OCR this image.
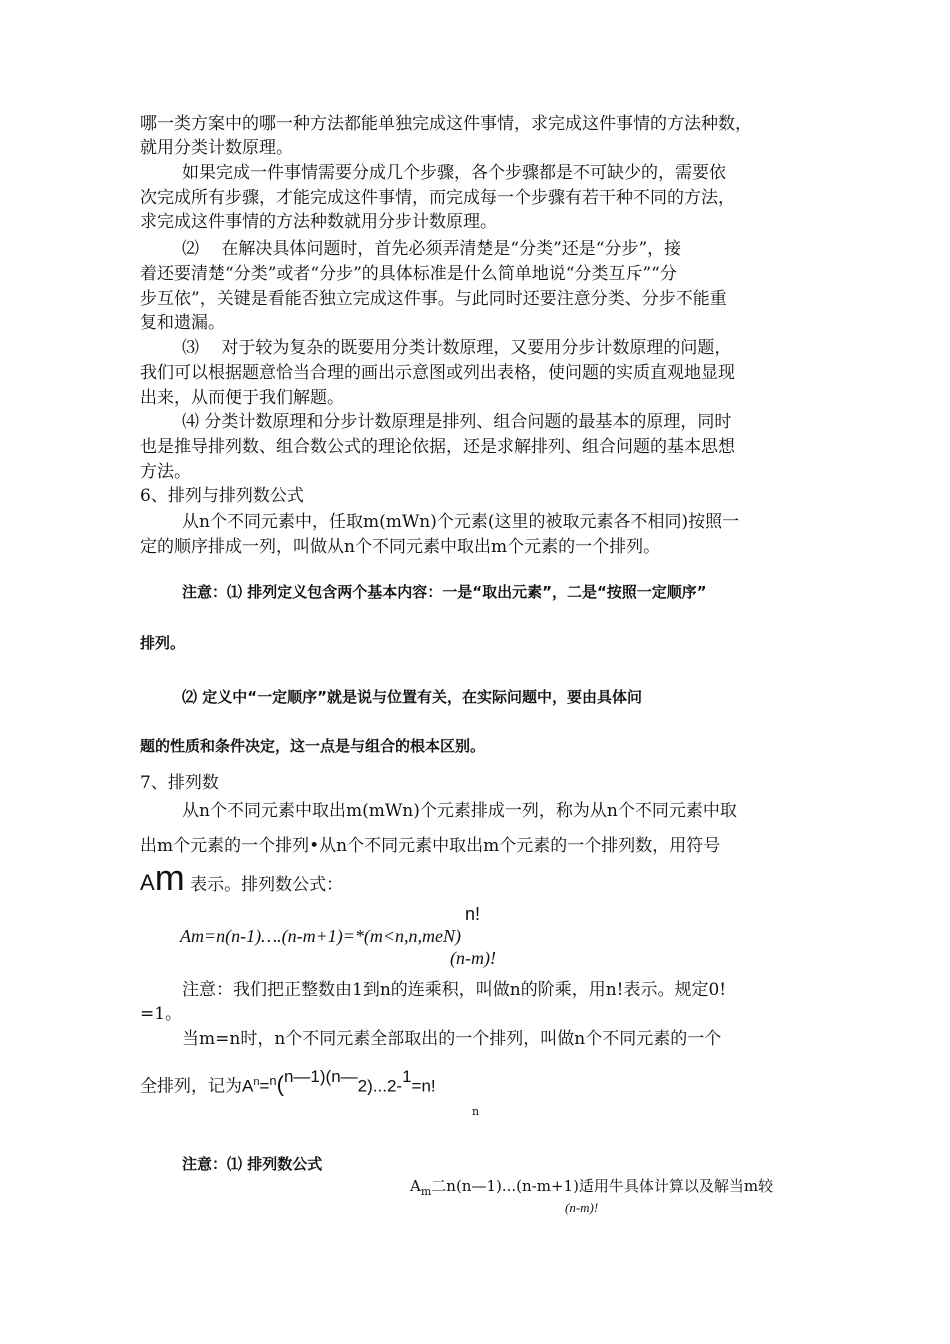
哪一类方案中的哪一种方法都能单独完成这件事情，求完成这件事情的方法种数，
就用分类计数原理。
如果完成一件事情需要分成几个步骤，各个步骤都是不可缺少的，需要依
次完成所有步骤，才能完成这件事情，而完成每一个步骤有若干种不同的方法，
求完成这件事情的方法种数就用分步计数原理。
⑵　 在解决具体问题时，首先必须弄清楚是“分类”还是“分步”，接
着还要清楚“分类”或者“分步”的具体标准是什么简单地说“分类互斥”“分
步互依”，关键是看能否独立完成这件事。与此同时还要注意分类、分步不能重
复和遗漏。
⑶　 对于较为复杂的既要用分类计数原理，又要用分步计数原理的问题，
我们可以根据题意恰当合理的画出示意图或列出表格，使问题的实质直观地显现
出来，从而便于我们解题。
⑷ 分类计数原理和分步计数原理是排列、组合问题的最基本的原理，同时
也是推导排列数、组合数公式的理论依据，还是求解排列、组合问题的基本思想
方法。
6、排列与排列数公式
从n个不同元素中，任取m(mWn)个元素(这里的被取元素各不相同)按照一
定的顺序排成一列，叫做从n个不同元素中取出m个元素的一个排列。
注意：⑴ 排列定义包含两个基本内容：一是“取出元素”，二是“按照一定顺序”
排列。
⑵ 定义中“一定顺序”就是说与位置有关，在实际问题中，要由具体问
题的性质和条件决定，这一点是与组合的根本区别。
7、排列数
从n个不同元素中取出m(mWn)个元素排成一列，称为从n个不同元素中取
出m个元素的一个排列•从n个不同元素中取出m个元素的一个排列数，用符号
Am 表示。排列数公式：
n!
Am=n(n-1)….(n-m+1)=*(m<n,n,meN)
(n-m)!
注意：我们把正整数由1到n的连乘积，叫做n的阶乘，用n!表示。规定0!
=1。
当m=n时，n个不同元素全部取出的一个排列，叫做n个不同元素的一个
全排列，记为$A^n=^n(n—1)(n—2)...2-1=n$!
n
注意：⑴ 排列数公式
$A_m$二n(n—1)...(n-m+1)适用牛具体计算以及解当m较
(n-m)!
